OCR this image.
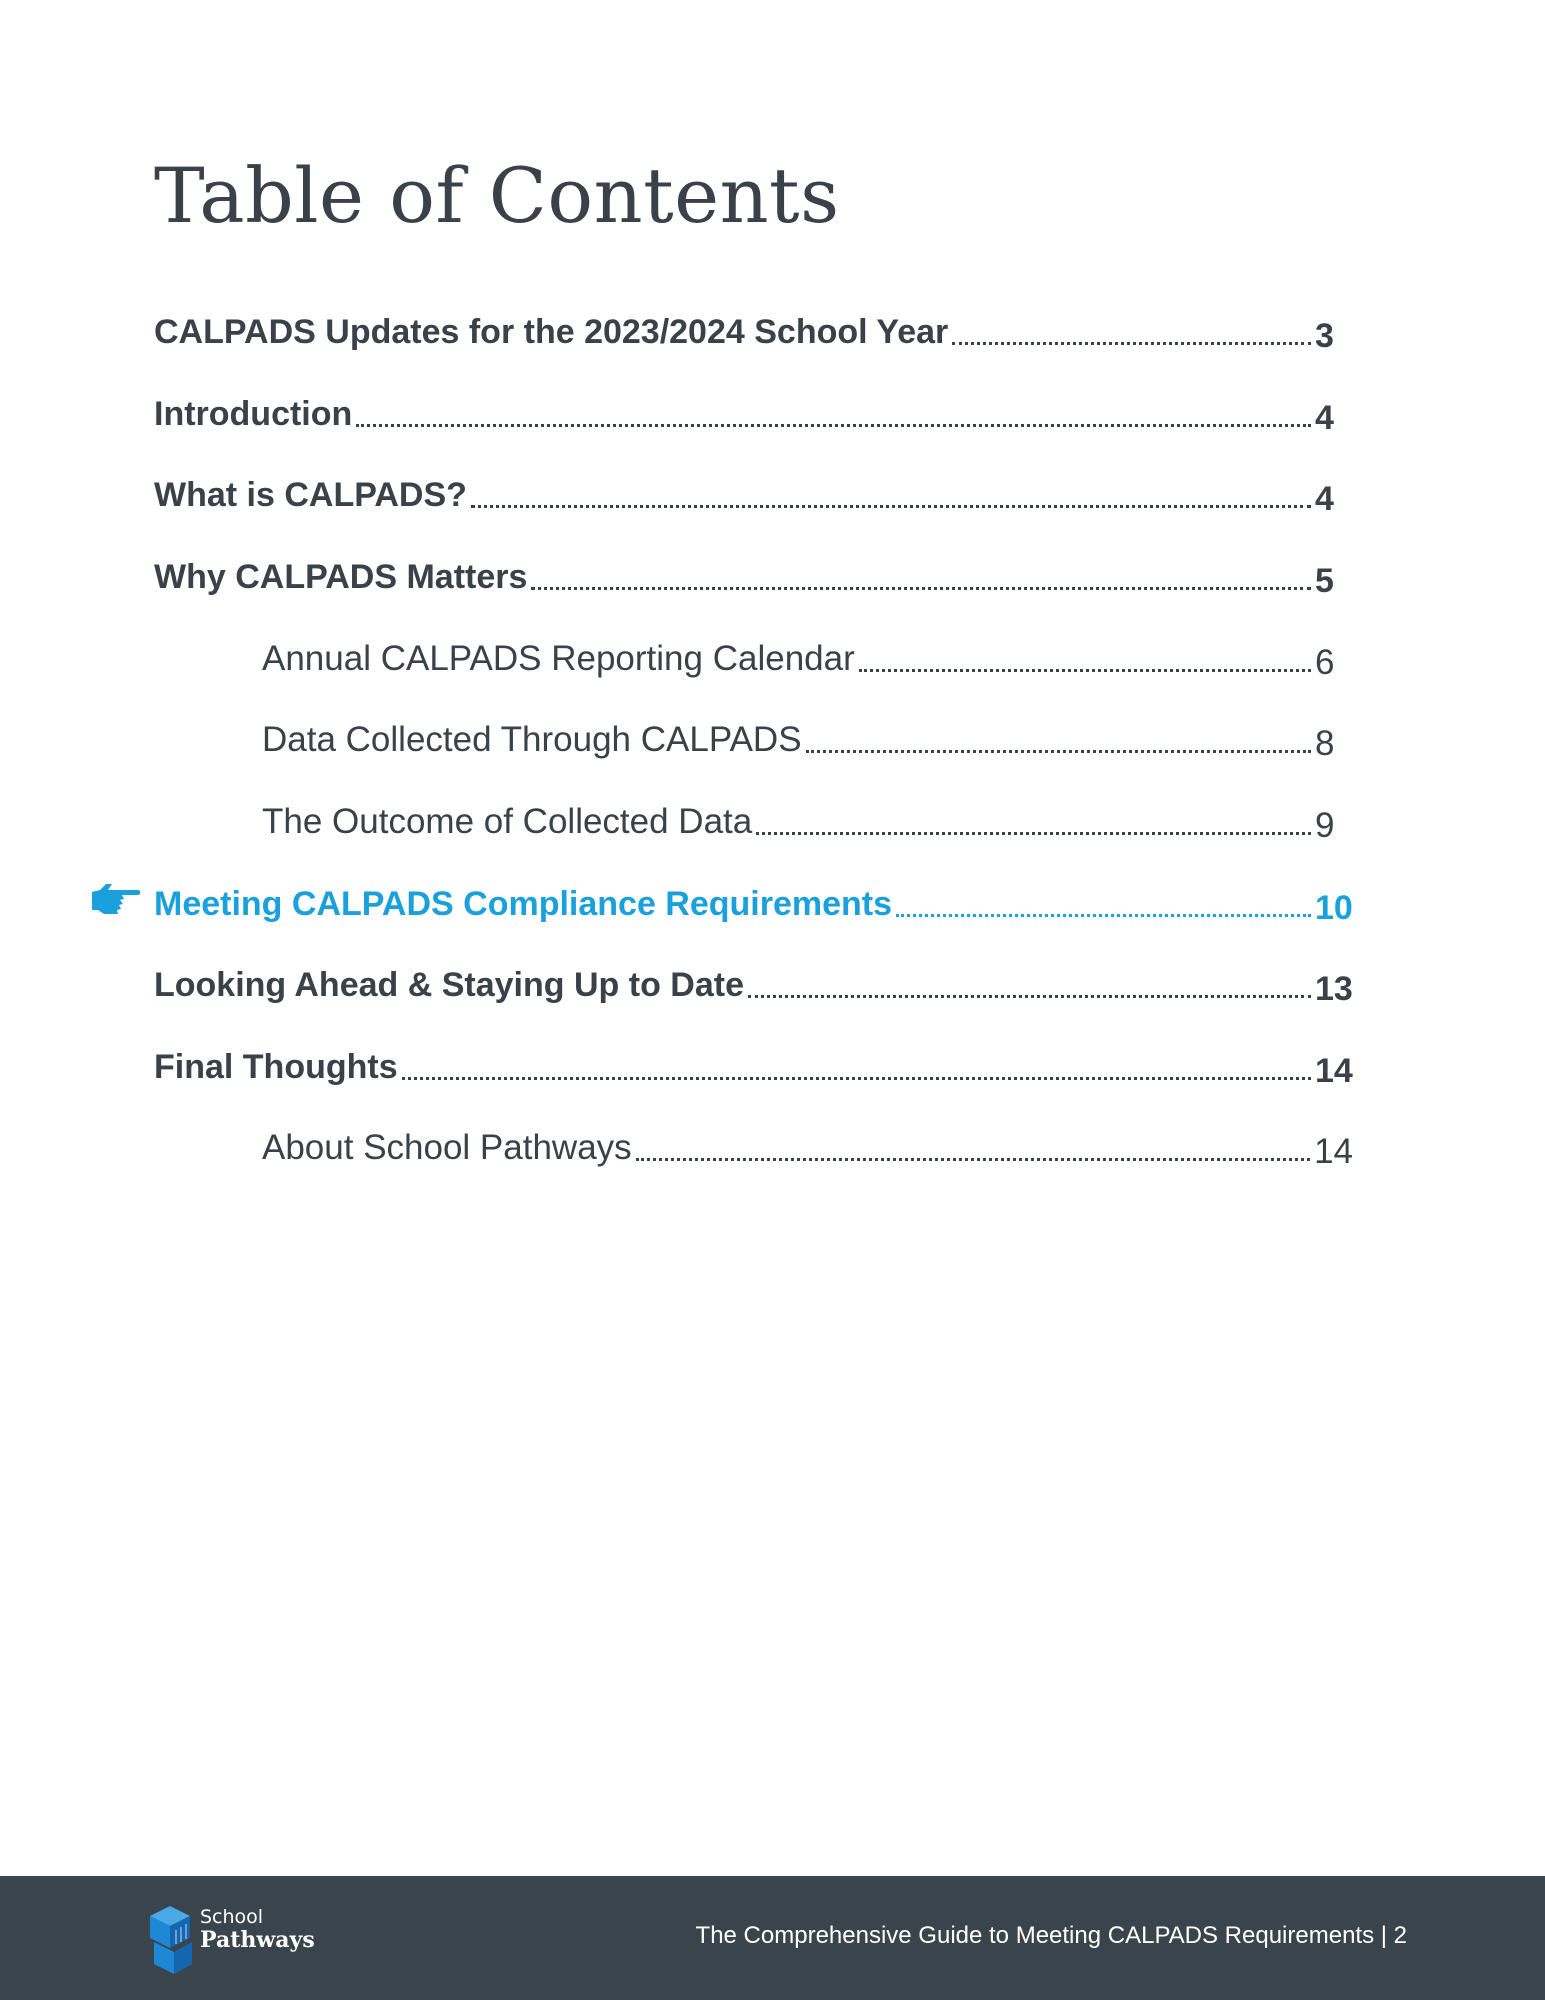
Table of Contents
CALPADS Updates for the 2023/2024 School Year	3
Introduction	4
What is CALPADS?	4
Why CALPADS Matters	5
Annual CALPADS Reporting Calendar	6
Data Collected Through CALPADS	8
The Outcome of Collected Data	9
Meeting CALPADS Compliance Requirements	10
Looking Ahead & Staying Up to Date	13
Final Thoughts	14
About School Pathways	14
School
Pathways	The Comprehensive Guide to Meeting CALPADS Requirements | 2
